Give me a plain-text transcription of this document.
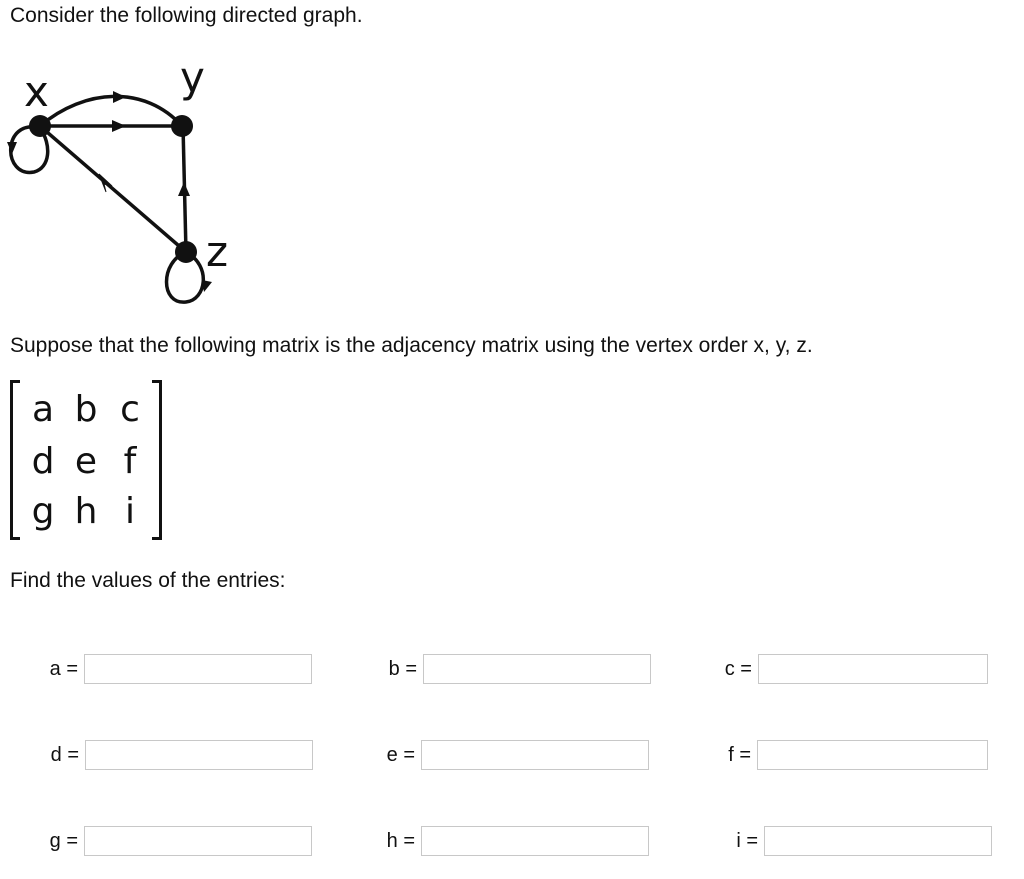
Consider the following directed graph.
x	y
z
Suppose that the following matrix is the adjacency matrix using the vertex order x, y, z.
a b c
d e f
g h i
Find the values of the entries:
a =	b =	c =
d =	e =	f =
g =	h =	i =
